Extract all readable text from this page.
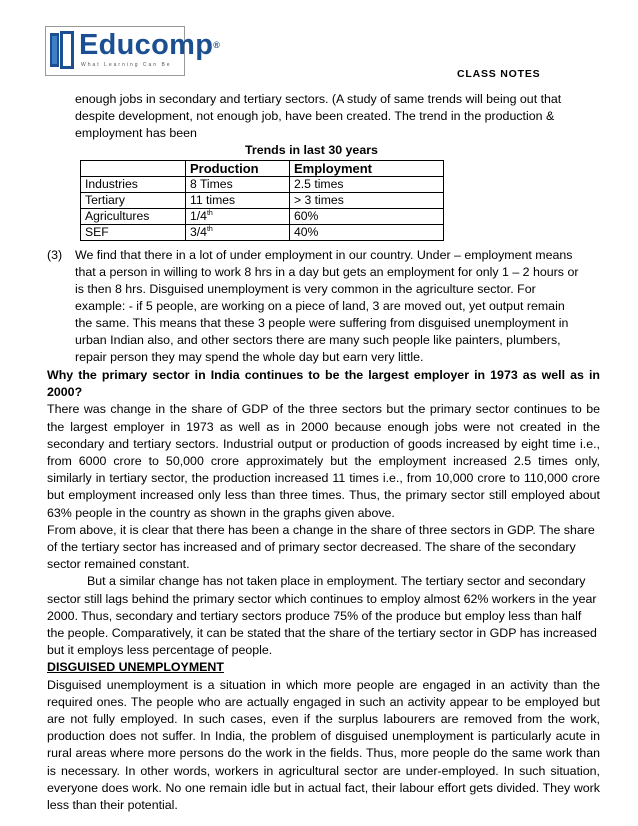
Educomp®
What Learning Can Be
CLASS NOTES
enough jobs in secondary and tertiary sectors. (A study of same trends will being out that despite development, not enough job, have been created. The trend in the production & employment has been
Trends in last 30 years
	Production	Employment
Industries	8 Times	2.5 times
Tertiary	11 times	> 3 times
Agricultures	1/4th	60%
SEF	3/4th	40%
(3) We find that there in a lot of under employment in our country. Under – employment means that a person in willing to work 8 hrs in a day but gets an employment for only 1 – 2 hours or is then 8 hrs. Disguised unemployment is very common in the agriculture sector. For example: - if 5 people, are working on a piece of land, 3 are moved out, yet output remain the same. This means that these 3 people were suffering from disguised unemployment in urban Indian also, and other sectors there are many such people like painters, plumbers, repair person they may spend the whole day but earn very little.

Why the primary sector in India continues to be the largest employer in 1973 as well as in 2000?

There was change in the share of GDP of the three sectors but the primary sector continues to be the largest employer in 1973 as well as in 2000 because enough jobs were not created in the secondary and tertiary sectors. Industrial output or production of goods increased by eight time i.e., from 6000 crore to 50,000 crore approximately but the employment increased 2.5 times only, similarly in tertiary sector, the production increased 11 times i.e., from 10,000 crore to 110,000 crore but employment increased only less than three times. Thus, the primary sector still employed about 63% people in the country as shown in the graphs given above.

From above, it is clear that there has been a change in the share of three sectors in GDP. The share of the tertiary sector has increased and of primary sector decreased. The share of the secondary sector remained constant.

But a similar change has not taken place in employment. The tertiary sector and secondary sector still lags behind the primary sector which continues to employ almost 62% workers in the year 2000. Thus, secondary and tertiary sectors produce 75% of the produce but employ less than half the people. Comparatively, it can be stated that the share of the tertiary sector in GDP has increased but it employs less percentage of people.

DISGUISED UNEMPLOYMENT

Disguised unemployment is a situation in which more people are engaged in an activity than the required ones. The people who are actually engaged in such an activity appear to be employed but are not fully employed. In such cases, even if the surplus labourers are removed from the work, production does not suffer. In India, the problem of disguised unemployment is particularly acute in rural areas where more persons do the work in the fields. Thus, more people do the same work than is necessary. In other words, workers in agricultural sector are under-employed. In such situation, everyone does work. No one remain idle but in actual fact, their labour effort gets divided. They work less than their potential.
